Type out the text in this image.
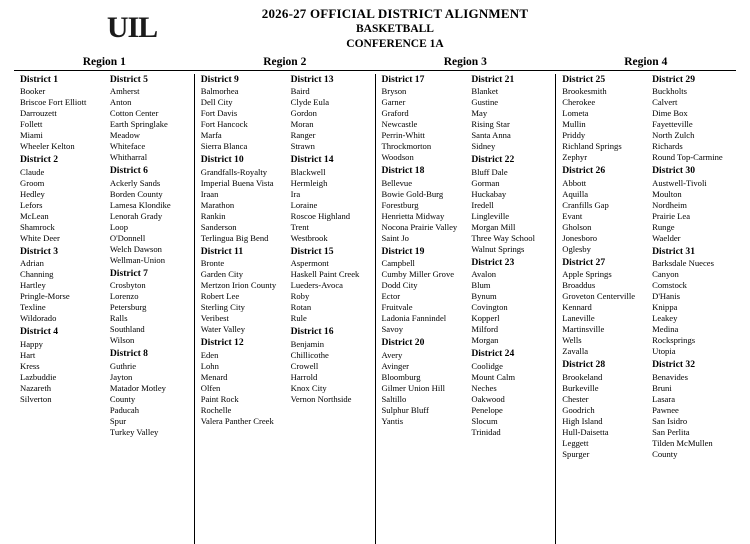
UIL	2026-27 OFFICIAL DISTRICT ALIGNMENT
BASKETBALL
CONFERENCE 1A
Region 1	Region 2	Region 3	Region 4
District 1
Booker
Briscoe Fort Elliott
Darrouzett
Follett
Miami
Wheeler Kelton
District 2
Claude
Groom
Hedley
Lefors
McLean
Shamrock
White Deer
District 3
Adrian
Channing
Hartley
Pringle-Morse
Texline
Wildorado
District 4
Happy
Hart
Kress
Lazbuddie
Nazareth
Silverton
District 5
Amherst
Anton
Cotton Center
Earth Springlake
Meadow
Whiteface
Whitharral
District 6
Ackerly Sands
Borden County
Lamesa Klondike
Lenorah Grady
Loop
O'Donnell
Welch Dawson
Wellman-Union
District 7
Crosbyton
Lorenzo
Petersburg
Ralls
Southland
Wilson
District 8
Guthrie
Jayton
Matador Motley County
Paducah
Spur
Turkey Valley
District 9
Balmorhea
Dell City
Fort Davis
Fort Hancock
Marfa
Sierra Blanca
District 10
Grandfalls-Royalty
Imperial Buena Vista
Iraan
Marathon
Rankin
Sanderson
Terlingua Big Bend
District 11
Bronte
Garden City
Mertzon Irion County
Robert Lee
Sterling City
Veribest
Water Valley
District 12
Eden
Lohn
Menard
Olfen
Paint Rock
Rochelle
Valera Panther Creek
District 13
Baird
Clyde Eula
Gordon
Moran
Ranger
Strawn
District 14
Blackwell
Hermleigh
Ira
Loraine
Roscoe Highland
Trent
Westbrook
District 15
Aspermont
Haskell Paint Creek
Lueders-Avoca
Roby
Rotan
Rule
District 16
Benjamin
Chillicothe
Crowell
Harrold
Knox City
Vernon Northside
District 17
Bryson
Garner
Graford
Newcastle
Perrin-Whitt
Throckmorton
Woodson
District 18
Bellevue
Bowie Gold-Burg
Forestburg
Henrietta Midway
Nocona Prairie Valley
Saint Jo
District 19
Campbell
Cumby Miller Grove
Dodd City
Ector
Fruitvale
Ladonia Fannindel
Savoy
District 20
Avery
Avinger
Bloomburg
Gilmer Union Hill
Saltillo
Sulphur Bluff
Yantis
District 21
Blanket
Gustine
May
Rising Star
Santa Anna
Sidney
District 22
Bluff Dale
Gorman
Huckabay
Iredell
Lingleville
Morgan Mill
Three Way School
Walnut Springs
District 23
Avalon
Blum
Bynum
Covington
Kopperl
Milford
Morgan
District 24
Coolidge
Mount Calm
Neches
Oakwood
Penelope
Slocum
Trinidad
District 25
Brookesmith
Cherokee
Lometa
Mullin
Priddy
Richland Springs
Zephyr
District 26
Abbott
Aquilla
Cranfills Gap
Evant
Gholson
Jonesboro
Oglesby
District 27
Apple Springs
Broaddus
Groveton Centerville
Kennard
Laneville
Martinsville
Wells
Zavalla
District 28
Brookeland
Burkeville
Chester
Goodrich
High Island
Hull-Daisetta
Leggett
Spurger
District 29
Buckholts
Calvert
Dime Box
Fayetteville
North Zulch
Richards
Round Top-Carmine
District 30
Austwell-Tivoli
Moulton
Nordheim
Prairie Lea
Runge
Waelder
District 31
Barksdale Nueces Canyon
Comstock
D'Hanis
Knippa
Leakey
Medina
Rocksprings
Utopia
District 32
Benavides
Bruni
Lasara
Pawnee
San Isidro
San Perlita
Tilden McMullen County
